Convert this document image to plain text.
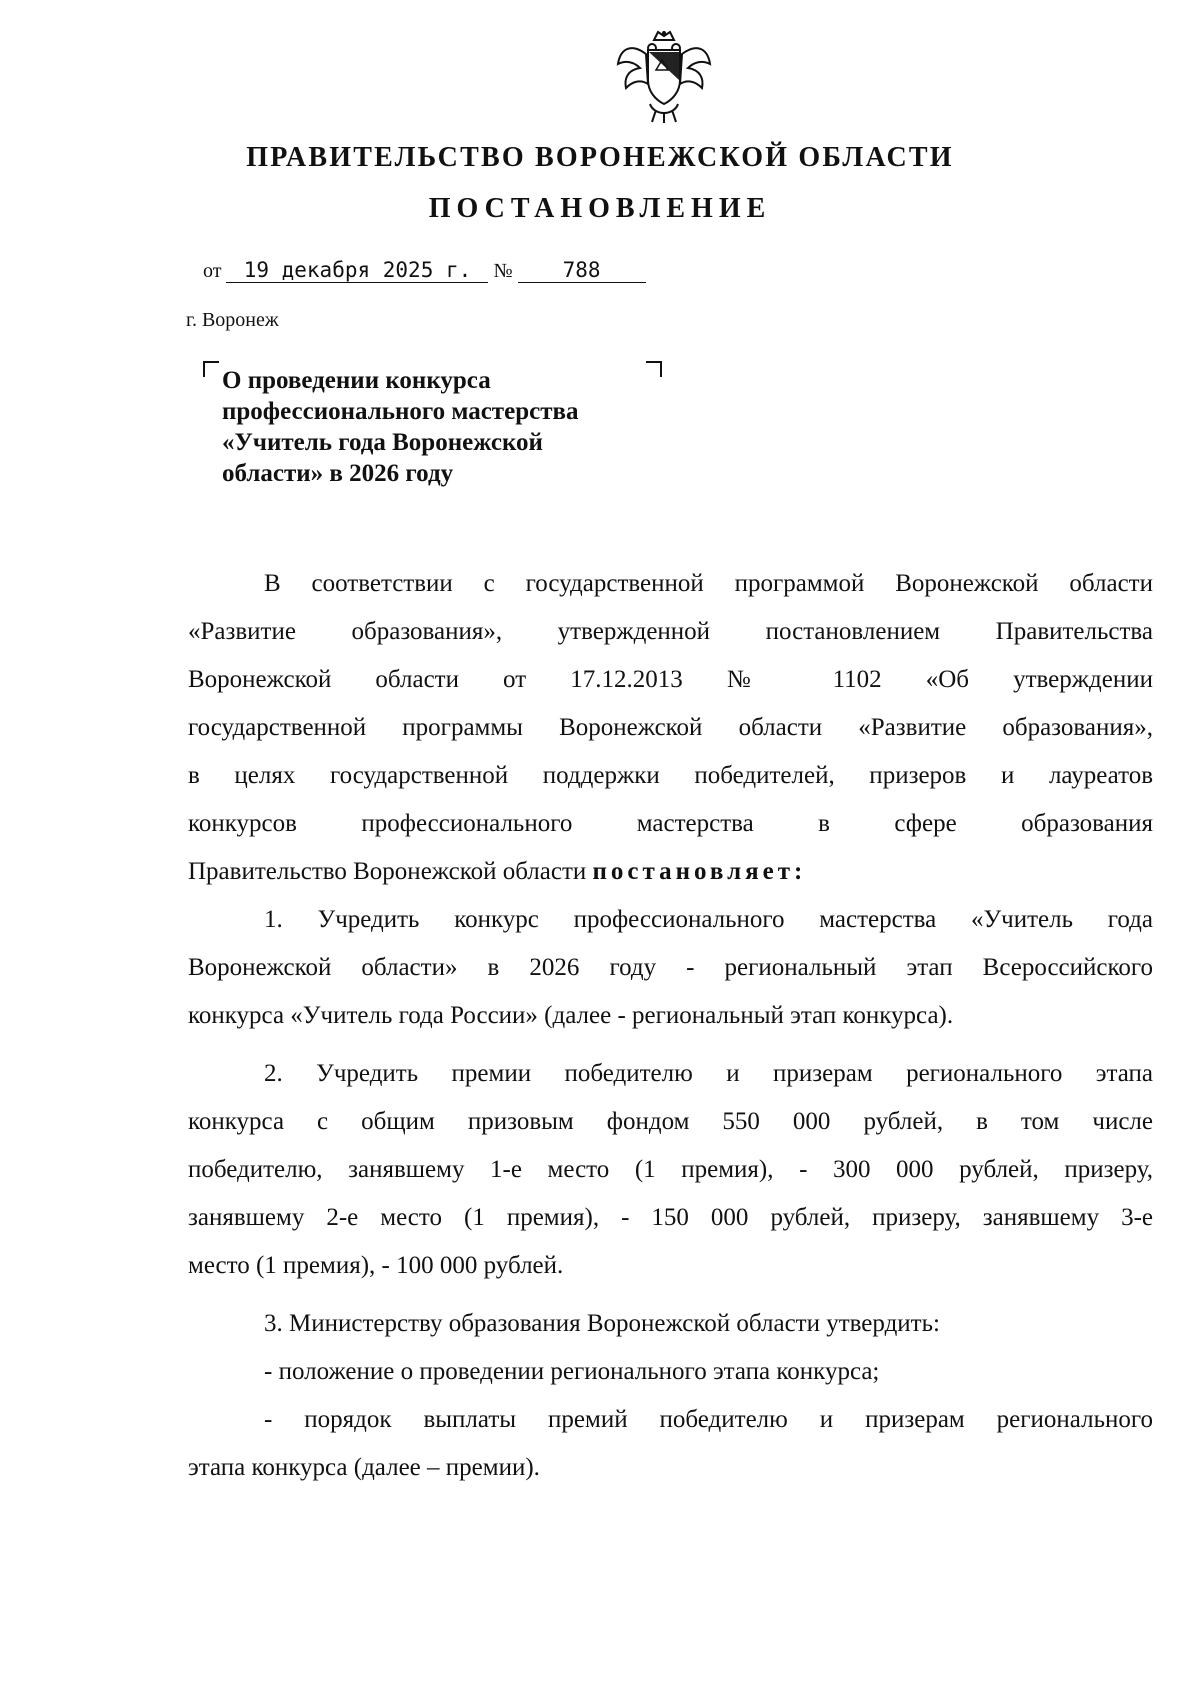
ПРАВИТЕЛЬСТВО ВОРОНЕЖСКОЙ ОБЛАСТИ
ПОСТАНОВЛЕНИЕ
от 19 декабря 2025 г. № 788
г. Воронеж
О проведении конкурса
профессионального мастерства
«Учитель года Воронежской
области» в 2026 году
В соответствии с государственной программой Воронежской области
«Развитие образования», утвержденной постановлением Правительства
Воронежской области от 17.12.2013 № 1102 «Об утверждении
государственной программы Воронежской области «Развитие образования»,
в целях государственной поддержки победителей, призеров и лауреатов
конкурсов профессионального мастерства в сфере образования
Правительство Воронежской области постановляет:
1. Учредить конкурс профессионального мастерства «Учитель года
Воронежской области» в 2026 году - региональный этап Всероссийского
конкурса «Учитель года России» (далее - региональный этап конкурса).
2. Учредить премии победителю и призерам регионального этапа
конкурса с общим призовым фондом 550 000 рублей, в том числе
победителю, занявшему 1-е место (1 премия), - 300 000 рублей, призеру,
занявшему 2-е место (1 премия), - 150 000 рублей, призеру, занявшему 3-е
место (1 премия), - 100 000 рублей.
3. Министерству образования Воронежской области утвердить:
- положение о проведении регионального этапа конкурса;
- порядок выплаты премий победителю и призерам регионального
этапа конкурса (далее – премии).
